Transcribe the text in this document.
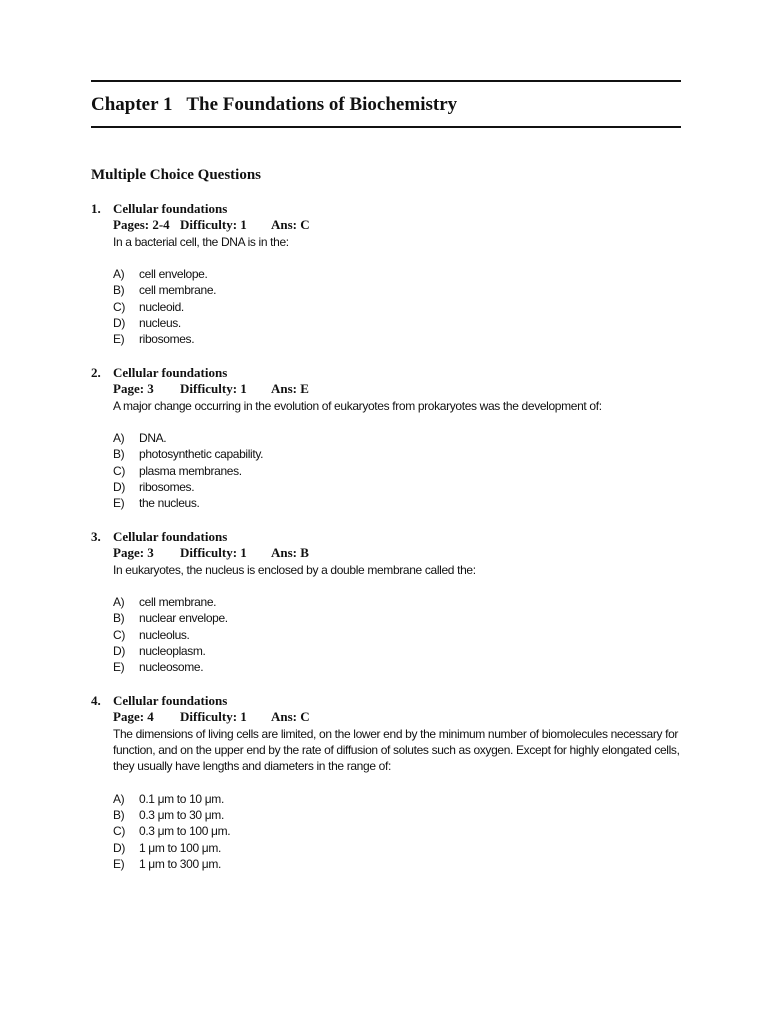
Chapter 1   The Foundations of Biochemistry
Multiple Choice Questions
1. Cellular foundations
Pages: 2-4 Difficulty: 1 Ans: C
In a bacterial cell, the DNA is in the:
A) cell envelope.
B) cell membrane.
C) nucleoid.
D) nucleus.
E) ribosomes.
2. Cellular foundations
Page: 3 Difficulty: 1 Ans: E
A major change occurring in the evolution of eukaryotes from prokaryotes was the development of:
A) DNA.
B) photosynthetic capability.
C) plasma membranes.
D) ribosomes.
E) the nucleus.
3. Cellular foundations
Page: 3 Difficulty: 1 Ans: B
In eukaryotes, the nucleus is enclosed by a double membrane called the:
A) cell membrane.
B) nuclear envelope.
C) nucleolus.
D) nucleoplasm.
E) nucleosome.
4. Cellular foundations
Page: 4 Difficulty: 1 Ans: C
The dimensions of living cells are limited, on the lower end by the minimum number of biomolecules necessary for function, and on the upper end by the rate of diffusion of solutes such as oxygen. Except for highly elongated cells, they usually have lengths and diameters in the range of:
A) 0.1 μm to 10 μm.
B) 0.3 μm to 30 μm.
C) 0.3 μm to 100 μm.
D) 1 μm to 100 μm.
E) 1 μm to 300 μm.
